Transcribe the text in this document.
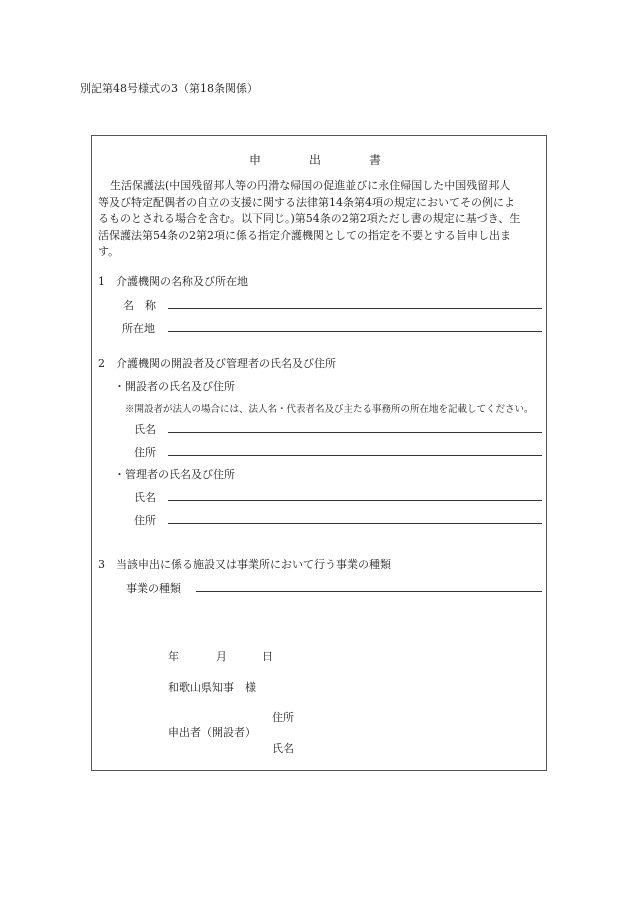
別記第48号様式の3（第18条関係）
申　出　書
生活保護法(中国残留邦人等の円滑な帰国の促進並びに永住帰国した中国残留邦人
等及び特定配偶者の自立の支援に関する法律第14条第4項の規定においてその例によ
るものとされる場合を含む。以下同じ。)第54条の2第2項ただし書の規定に基づき、生
活保護法第54条の2第2項に係る指定介護機関としての指定を不要とする旨申し出ま
す。
1　介護機関の名称及び所在地
名　称
所在地
2　介護機関の開設者及び管理者の氏名及び住所
・開設者の氏名及び住所
※開設者が法人の場合には、法人名・代表者名及び主たる事務所の所在地を記載してください。
氏名
住所
・管理者の氏名及び住所
氏名
住所
3　当該申出に係る施設又は事業所において行う事業の種類
事業の種類
年	月	日
和歌山県知事　様
住所
申出者（開設者）
氏名
